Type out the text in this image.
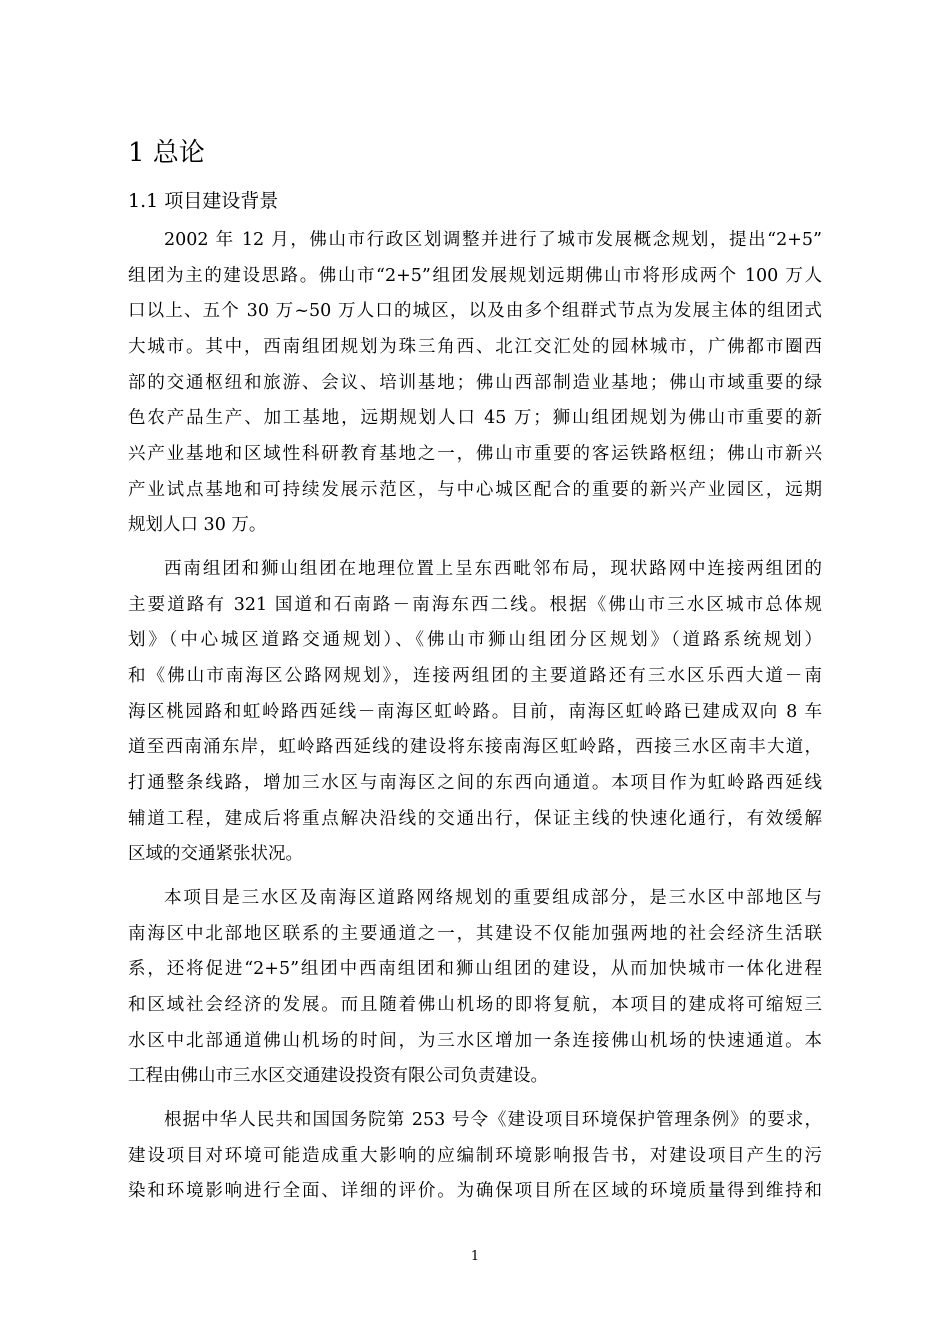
1 总论
1.1 项目建设背景
2002 年 12 月，佛山市行政区划调整并进行了城市发展概念规划，提出“2+5”
组团为主的建设思路。佛山市“2+5”组团发展规划远期佛山市将形成两个 100 万人
口以上、五个 30 万~50 万人口的城区，以及由多个组群式节点为发展主体的组团式
大城市。其中，西南组团规划为珠三角西、北江交汇处的园林城市，广佛都市圈西
部的交通枢纽和旅游、会议、培训基地；佛山西部制造业基地；佛山市域重要的绿
色农产品生产、加工基地，远期规划人口 45 万；狮山组团规划为佛山市重要的新
兴产业基地和区域性科研教育基地之一，佛山市重要的客运铁路枢纽；佛山市新兴
产业试点基地和可持续发展示范区，与中心城区配合的重要的新兴产业园区，远期
规划人口 30 万。
西南组团和狮山组团在地理位置上呈东西毗邻布局，现状路网中连接两组团的
主要道路有 321 国道和石南路－南海东西二线。根据《佛山市三水区城市总体规
划》（中心城区道路交通规划）、《佛山市狮山组团分区规划》（道路系统规划）
和《佛山市南海区公路网规划》，连接两组团的主要道路还有三水区乐西大道－南
海区桃园路和虹岭路西延线－南海区虹岭路。目前，南海区虹岭路已建成双向 8 车
道至西南涌东岸，虹岭路西延线的建设将东接南海区虹岭路，西接三水区南丰大道，
打通整条线路，增加三水区与南海区之间的东西向通道。本项目作为虹岭路西延线
辅道工程，建成后将重点解决沿线的交通出行，保证主线的快速化通行，有效缓解
区域的交通紧张状况。
本项目是三水区及南海区道路网络规划的重要组成部分，是三水区中部地区与
南海区中北部地区联系的主要通道之一，其建设不仅能加强两地的社会经济生活联
系，还将促进“2+5”组团中西南组团和狮山组团的建设，从而加快城市一体化进程
和区域社会经济的发展。而且随着佛山机场的即将复航，本项目的建成将可缩短三
水区中北部通道佛山机场的时间，为三水区增加一条连接佛山机场的快速通道。本
工程由佛山市三水区交通建设投资有限公司负责建设。
根据中华人民共和国国务院第 253 号令《建设项目环境保护管理条例》的要求，
建设项目对环境可能造成重大影响的应编制环境影响报告书，对建设项目产生的污
染和环境影响进行全面、详细的评价。为确保项目所在区域的环境质量得到维持和
1
